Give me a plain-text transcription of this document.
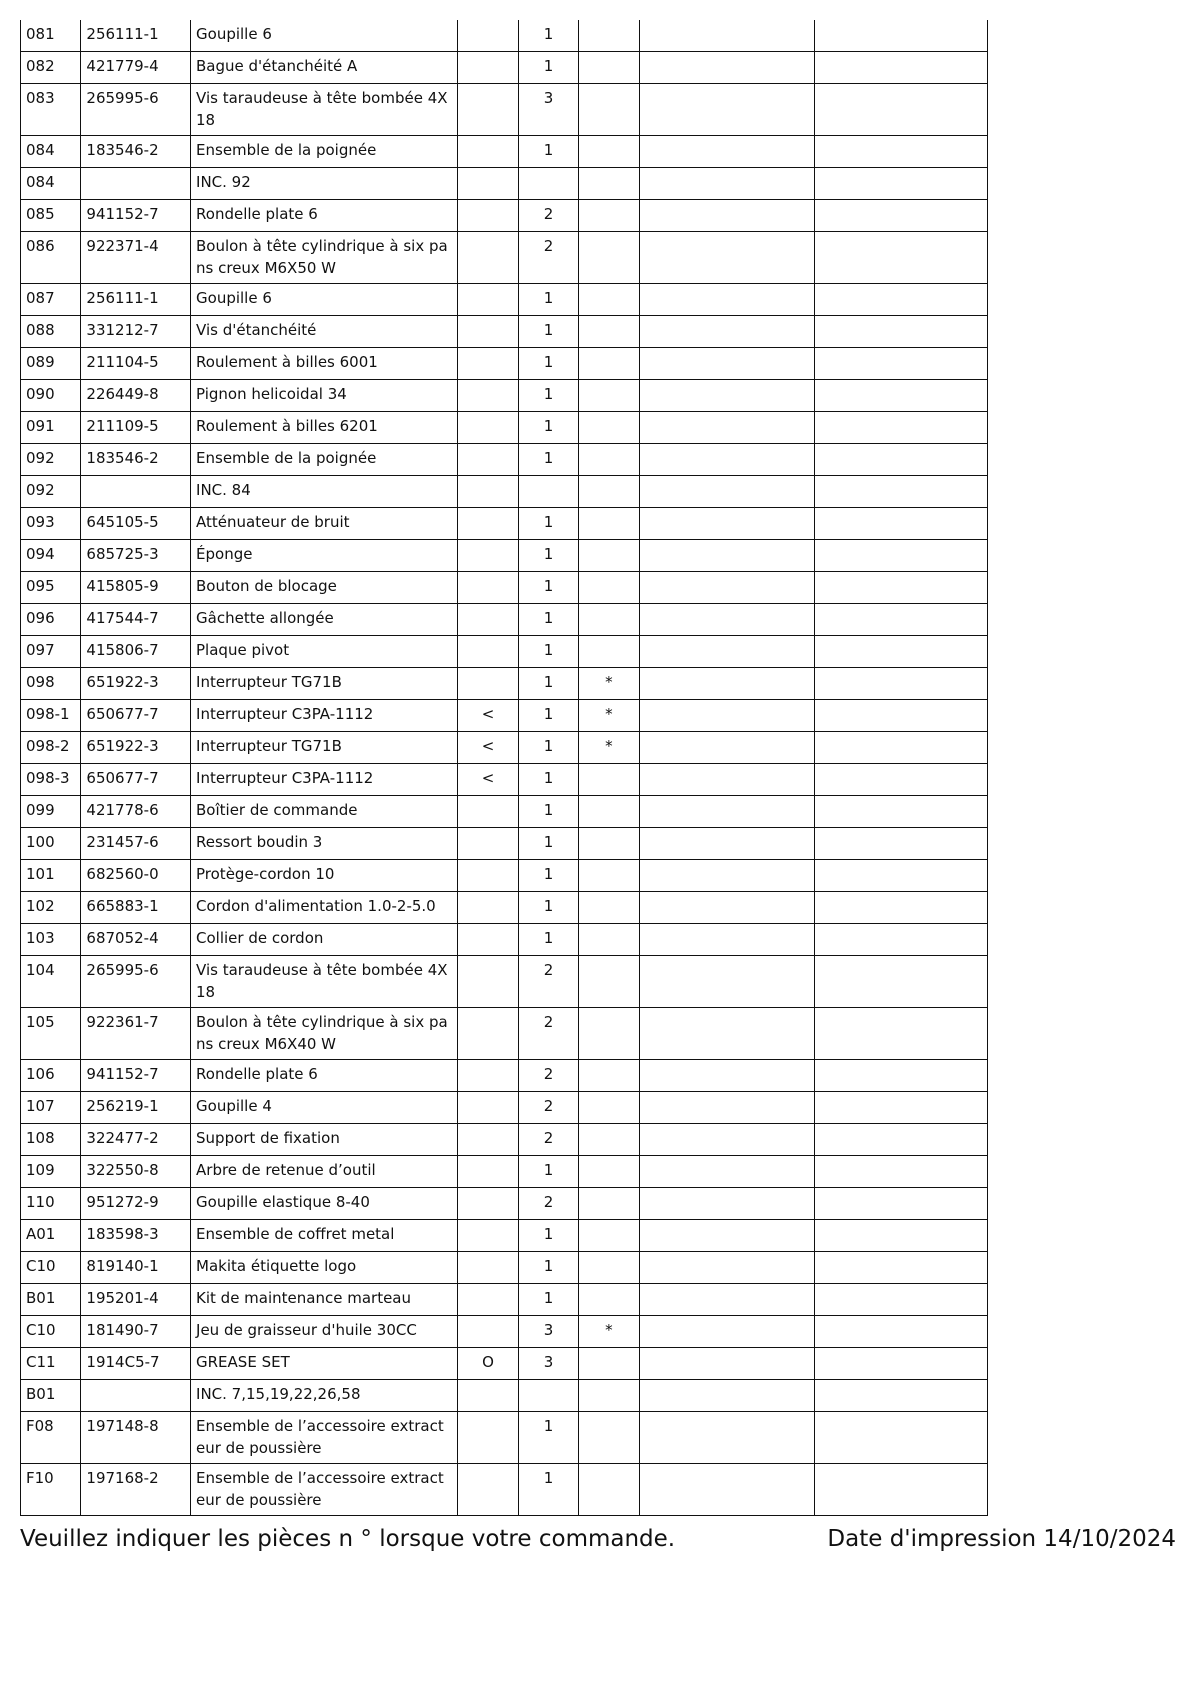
081	256111-1	Goupille 6		1			
082	421779-4	Bague d'étanchéité A		1			
083	265995-6	Vis taraudeuse à tête bombée 4X 18		3			
084	183546-2	Ensemble de la poignée		1			
084		INC. 92					
085	941152-7	Rondelle plate 6		2			
086	922371-4	Boulon à tête cylindrique à six pa ns creux M6X50 W		2			
087	256111-1	Goupille 6		1			
088	331212-7	Vis d'étanchéité		1			
089	211104-5	Roulement à billes 6001		1			
090	226449-8	Pignon helicoidal 34		1			
091	211109-5	Roulement à billes 6201		1			
092	183546-2	Ensemble de la poignée		1			
092		INC. 84					
093	645105-5	Atténuateur de bruit		1			
094	685725-3	Éponge		1			
095	415805-9	Bouton de blocage		1			
096	417544-7	Gâchette allongée		1			
097	415806-7	Plaque pivot		1			
098	651922-3	Interrupteur TG71B		1	*		
098-1	650677-7	Interrupteur C3PA-1112	<	1	*		
098-2	651922-3	Interrupteur TG71B	<	1	*		
098-3	650677-7	Interrupteur C3PA-1112	<	1			
099	421778-6	Boîtier de commande		1			
100	231457-6	Ressort boudin 3		1			
101	682560-0	Protège-cordon 10		1			
102	665883-1	Cordon d'alimentation 1.0-2-5.0		1			
103	687052-4	Collier de cordon		1			
104	265995-6	Vis taraudeuse à tête bombée 4X 18		2			
105	922361-7	Boulon à tête cylindrique à six pa ns creux M6X40 W		2			
106	941152-7	Rondelle plate 6		2			
107	256219-1	Goupille 4		2			
108	322477-2	Support de fixation		2			
109	322550-8	Arbre de retenue d’outil		1			
110	951272-9	Goupille elastique 8-40		2			
A01	183598-3	Ensemble de coffret metal		1			
C10	819140-1	Makita étiquette logo		1			
B01	195201-4	Kit de maintenance marteau		1			
C10	181490-7	Jeu de graisseur d'huile 30CC		3	*		
C11	1914C5-7	GREASE SET	O	3			
B01		INC. 7,15,19,22,26,58					
F08	197148-8	Ensemble de l’accessoire extract eur de poussière		1			
F10	197168-2	Ensemble de l’accessoire extract eur de poussière		1			
Veuillez indiquer les pièces n ° lorsque votre commande.	Date d'impression 14/10/2024
